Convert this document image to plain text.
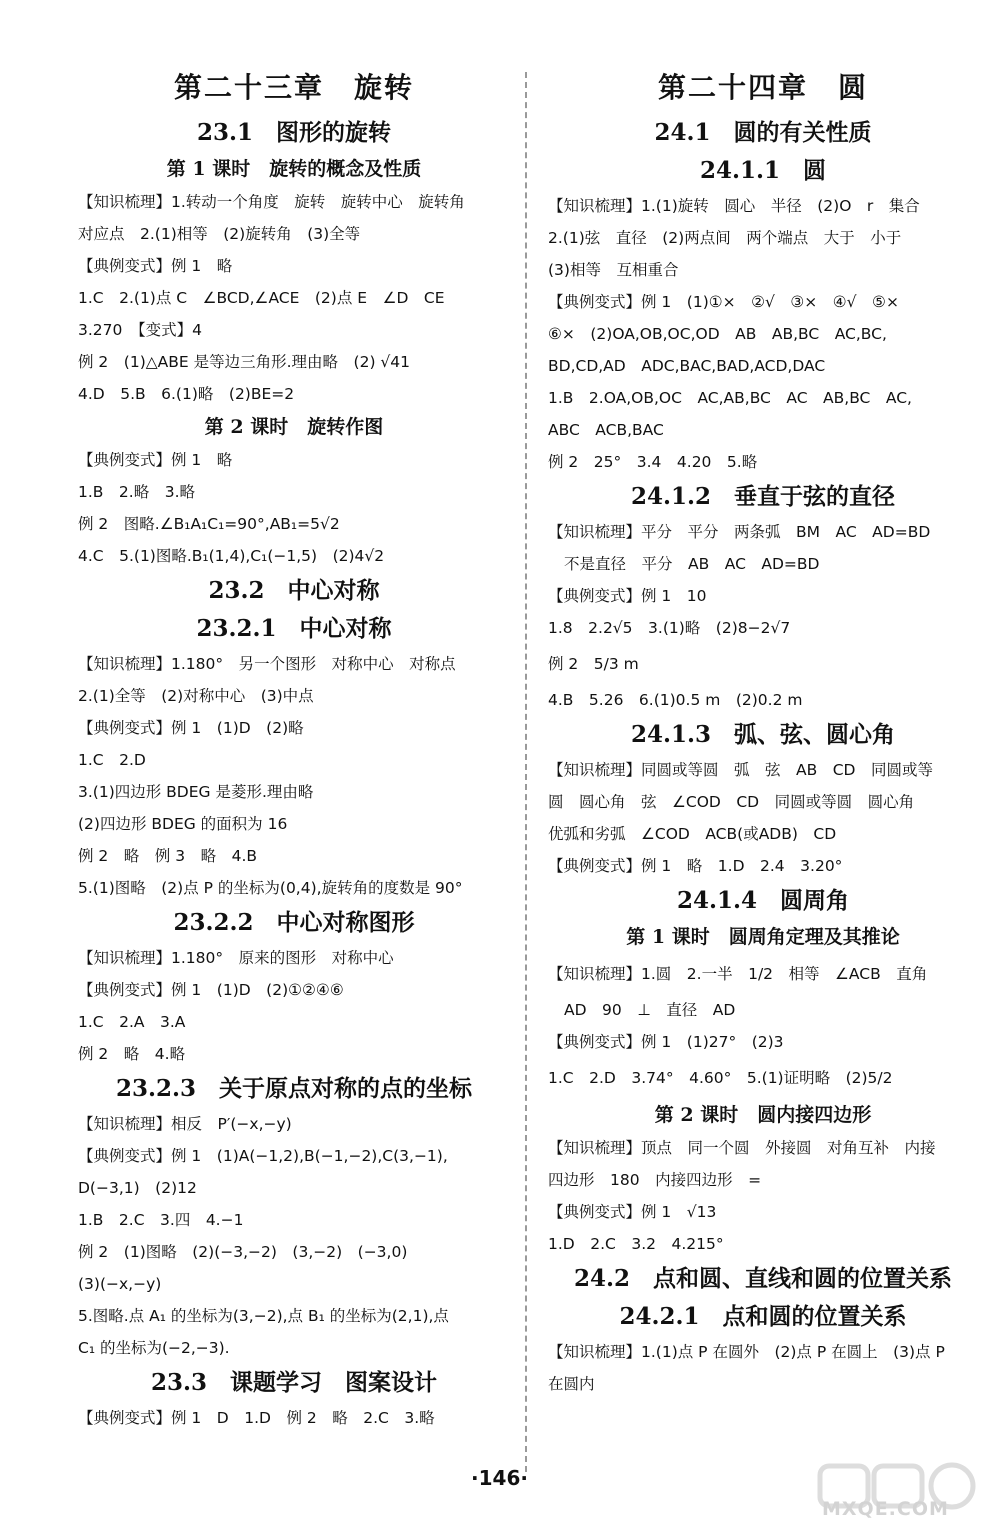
第二十三章　旋转
23.1　图形的旋转
第 1 课时　旋转的概念及性质
【知识梳理】1.转动一个角度　旋转　旋转中心　旋转角
对应点　2.(1)相等　(2)旋转角　(3)全等
【典例变式】例 1　略
1.C　2.(1)点 C　∠BCD,∠ACE　(2)点 E　∠D　CE
3.270　【变式】4
例 2　(1)△ABE 是等边三角形.理由略　(2) √41
4.D　5.B　6.(1)略　(2)BE=2
第 2 课时　旋转作图
【典例变式】例 1　略
1.B　2.略　3.略
例 2　图略.∠B₁A₁C₁=90°,AB₁=5√2
4.C　5.(1)图略.B₁(1,4),C₁(−1,5)　(2)4√2
23.2　中心对称
23.2.1　中心对称
【知识梳理】1.180°　另一个图形　对称中心　对称点
2.(1)全等　(2)对称中心　(3)中点
【典例变式】例 1　(1)D　(2)略
1.C　2.D
3.(1)四边形 BDEG 是菱形.理由略
(2)四边形 BDEG 的面积为 16
例 2　略　例 3　略　4.B
5.(1)图略　(2)点 P 的坐标为(0,4),旋转角的度数是 90°
23.2.2　中心对称图形
【知识梳理】1.180°　原来的图形　对称中心
【典例变式】例 1　(1)D　(2)①②④⑥
1.C　2.A　3.A
例 2　略　4.略
23.2.3　关于原点对称的点的坐标
【知识梳理】相反　P′(−x,−y)
【典例变式】例 1　(1)A(−1,2),B(−1,−2),C(3,−1),
D(−3,1)　(2)12
1.B　2.C　3.四　4.−1
例 2　(1)图略　(2)(−3,−2)　(3,−2)　(−3,0)
(3)(−x,−y)
5.图略.点 A₁ 的坐标为(3,−2),点 B₁ 的坐标为(2,1),点
C₁ 的坐标为(−2,−3).
23.3　课题学习　图案设计
【典例变式】例 1　D　1.D　例 2　略　2.C　3.略
第二十四章　圆
24.1　圆的有关性质
24.1.1　圆
【知识梳理】1.(1)旋转　圆心　半径　(2)O　r　集合
2.(1)弦　直径　(2)两点间　两个端点　大于　小于
(3)相等　互相重合
【典例变式】例 1　(1)①×　②√　③×　④√　⑤×
⑥×　(2)OA,OB,OC,OD　AB　AB,BC　AC,BC,
BD,CD,AD　ADC,BAC,BAD,ACD,DAC
1.B　2.OA,OB,OC　AC,AB,BC　AC　AB,BC　AC,
ABC　ACB,BAC
例 2　25°　3.4　4.20　5.略
24.1.2　垂直于弦的直径
【知识梳理】平分　平分　两条弧　BM　AC　AD=BD
不是直径　平分　AB　AC　AD=BD
【典例变式】例 1　10
1.8　2.2√5　3.(1)略　(2)8−2√7
例 2　5/3 m
4.B　5.26　6.(1)0.5 m　(2)0.2 m
24.1.3　弧、弦、圆心角
【知识梳理】同圆或等圆　弧　弦　AB　CD　同圆或等
圆　圆心角　弦　∠COD　CD　同圆或等圆　圆心角
优弧和劣弧　∠COD　ACB(或ADB)　CD
【典例变式】例 1　略　1.D　2.4　3.20°
24.1.4　圆周角
第 1 课时　圆周角定理及其推论
【知识梳理】1.圆　2.一半　1/2　相等　∠ACB　直角
AD　90　⊥　直径　AD
【典例变式】例 1　(1)27°　(2)3
1.C　2.D　3.74°　4.60°　5.(1)证明略　(2)5/2
第 2 课时　圆内接四边形
【知识梳理】顶点　同一个圆　外接圆　对角互补　内接
四边形　180　内接四边形　=
【典例变式】例 1　√13
1.D　2.C　3.2　4.215°
24.2　点和圆、直线和圆的位置关系
24.2.1　点和圆的位置关系
【知识梳理】1.(1)点 P 在圆外　(2)点 P 在圆上　(3)点 P
在圆内
·146·
MXQE.COM
